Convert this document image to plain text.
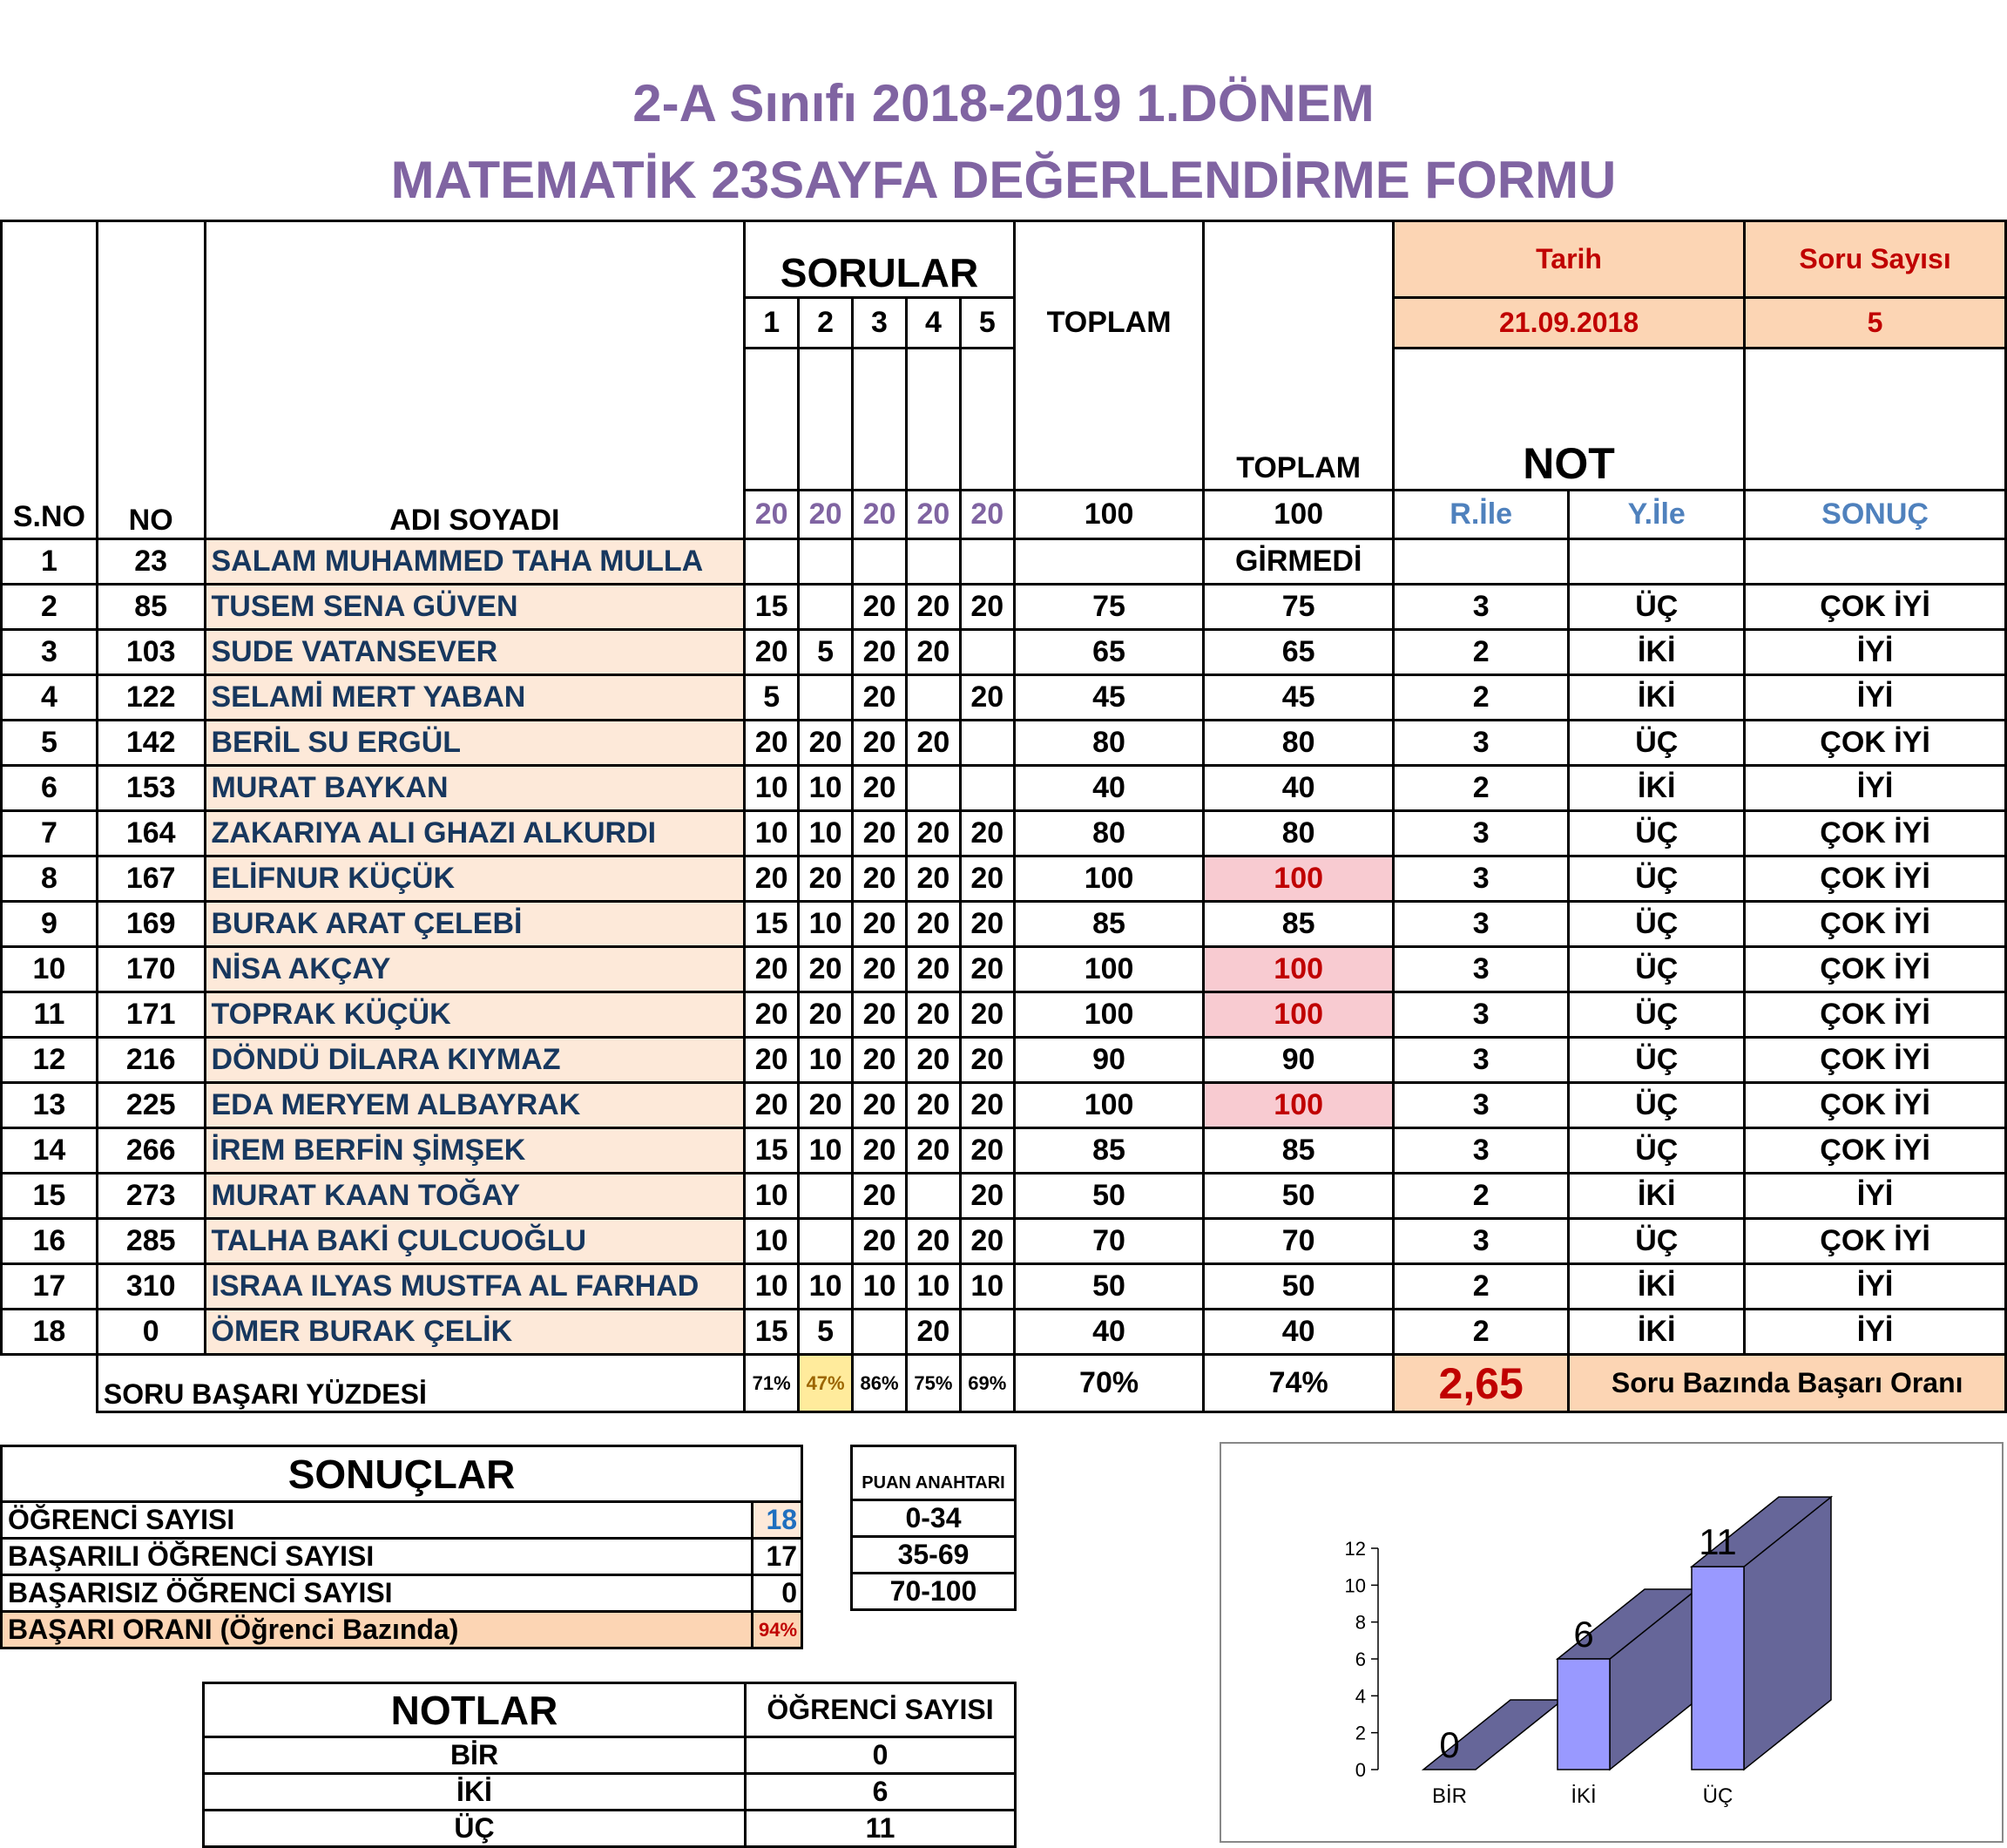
2-A Sınıfı 2018-2019 1.DÖNEM
MATEMATİK 23SAYFA DEĞERLENDİRME FORMU
S.NO	NO	ADI SOYADI	SORULAR					TOPLAM	TOPLAM	Tarih		Soru Sayısı
			1	2	3	4	5			21.09.2018		5
										NOT		
			20	20	20	20	20	100	100	R.İle	Y.İle	SONUÇ
1	23	SALAM MUHAMMED TAHA MULLA							GİRMEDİ			
2	85	TUSEM SENA GÜVEN	15		20	20	20	75	75	3	ÜÇ	ÇOK İYİ
3	103	SUDE VATANSEVER	20	5	20	20		65	65	2	İKİ	İYİ
4	122	SELAMİ MERT YABAN	5		20		20	45	45	2	İKİ	İYİ
5	142	BERİL SU ERGÜL	20	20	20	20		80	80	3	ÜÇ	ÇOK İYİ
6	153	MURAT BAYKAN	10	10	20			40	40	2	İKİ	İYİ
7	164	ZAKARIYA ALI GHAZI ALKURDI	10	10	20	20	20	80	80	3	ÜÇ	ÇOK İYİ
8	167	ELİFNUR KÜÇÜK	20	20	20	20	20	100	100	3	ÜÇ	ÇOK İYİ
9	169	BURAK ARAT ÇELEBİ	15	10	20	20	20	85	85	3	ÜÇ	ÇOK İYİ
10	170	NİSA AKÇAY	20	20	20	20	20	100	100	3	ÜÇ	ÇOK İYİ
11	171	TOPRAK KÜÇÜK	20	20	20	20	20	100	100	3	ÜÇ	ÇOK İYİ
12	216	DÖNDÜ DİLARA KIYMAZ	20	10	20	20	20	90	90	3	ÜÇ	ÇOK İYİ
13	225	EDA MERYEM ALBAYRAK	20	20	20	20	20	100	100	3	ÜÇ	ÇOK İYİ
14	266	İREM BERFİN ŞİMŞEK	15	10	20	20	20	85	85	3	ÜÇ	ÇOK İYİ
15	273	MURAT KAAN TOĞAY	10		20		20	50	50	2	İKİ	İYİ
16	285	TALHA BAKİ ÇULCUOĞLU	10		20	20	20	70	70	3	ÜÇ	ÇOK İYİ
17	310	ISRAA ILYAS MUSTFA AL FARHAD	10	10	10	10	10	50	50	2	İKİ	İYİ
18	0	ÖMER BURAK ÇELİK	15	5		20		40	40	2	İKİ	İYİ
	SORU BAŞARI YÜZDESİ		71%	47%	86%	75%	69%	70%	74%	2,65	Soru Bazında Başarı Oranı	
SONUÇLAR	
ÖĞRENCİ SAYISI	18
BAŞARILI ÖĞRENCİ SAYISI	17
BAŞARISIZ ÖĞRENCİ SAYISI	0
BAŞARI ORANI (Öğrenci Bazında)	94%
PUAN ANAHTARI
0-34
35-69
70-100
NOTLAR	ÖĞRENCİ SAYISI
BİR	0
İKİ	6
ÜÇ	11
0
2
4
6
8
10
12
0
BİR
6
İKİ
11
ÜÇ
